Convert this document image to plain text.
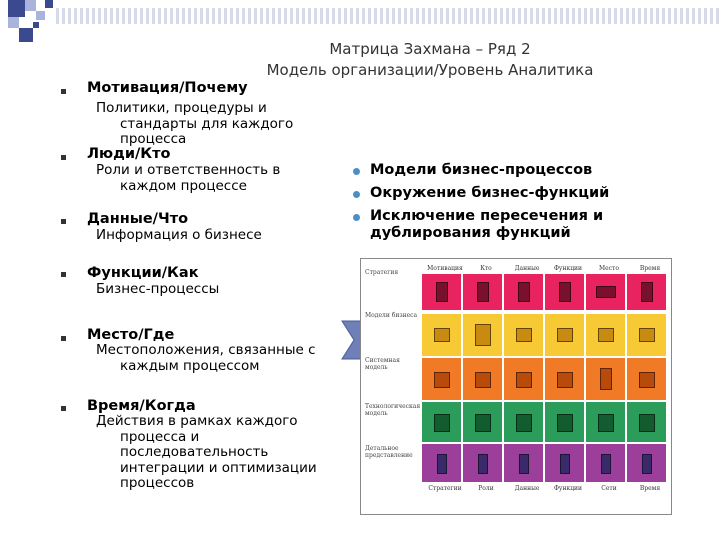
Матрица Захмана – Ряд 2
Модель организации/Уровень Аналитика
Мотивация/Почему
Политики, процедуры и
стандарты для каждого
процесса
Люди/Кто
Роли и ответственность в
каждом процессе
Данные/Что
Информация о бизнесе
Функции/Как
Бизнес-процессы
Место/Где
Местоположения, связанные с
каждым процессом
Время/Когда
Действия в рамках каждого
процесса и
последовательность
интеграции и оптимизации
процессов
Модели бизнес-процессов
Окружение бизнес-функций
Исключение пересечения и дублирования функций
Мотивация	Кто	Данные	Функции	Место	Время
Стратегия
Модели бизнеса
Системная модель
Технологическая модель
Детальное представление
Стратегии	Роли	Данные	Функции	Сети	Время
